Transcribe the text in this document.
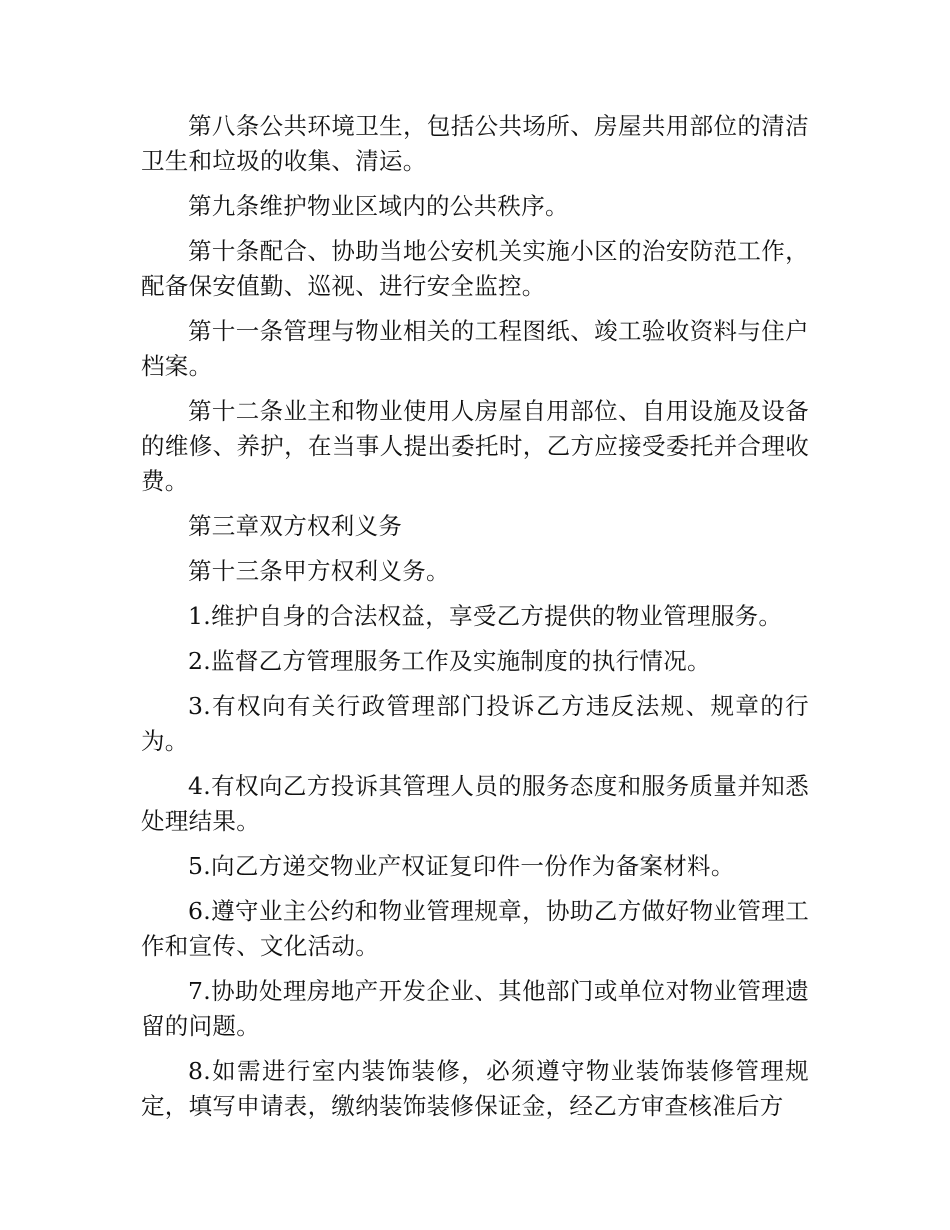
第八条公共环境卫生，包括公共场所、房屋共用部位的清洁卫生和垃圾的收集、清运。

第九条维护物业区域内的公共秩序。

第十条配合、协助当地公安机关实施小区的治安防范工作，配备保安值勤、巡视、进行安全监控。

第十一条管理与物业相关的工程图纸、竣工验收资料与住户档案。

第十二条业主和物业使用人房屋自用部位、自用设施及设备的维修、养护，在当事人提出委托时，乙方应接受委托并合理收费。

第三章双方权利义务

第十三条甲方权利义务。

1.维护自身的合法权益，享受乙方提供的物业管理服务。

2.监督乙方管理服务工作及实施制度的执行情况。

3.有权向有关行政管理部门投诉乙方违反法规、规章的行为。

4.有权向乙方投诉其管理人员的服务态度和服务质量并知悉处理结果。

5.向乙方递交物业产权证复印件一份作为备案材料。

6.遵守业主公约和物业管理规章，协助乙方做好物业管理工作和宣传、文化活动。

7.协助处理房地产开发企业、其他部门或单位对物业管理遗留的问题。

8.如需进行室内装饰装修，必须遵守物业装饰装修管理规定，填写申请表，缴纳装饰装修保证金，经乙方审查核准后方
